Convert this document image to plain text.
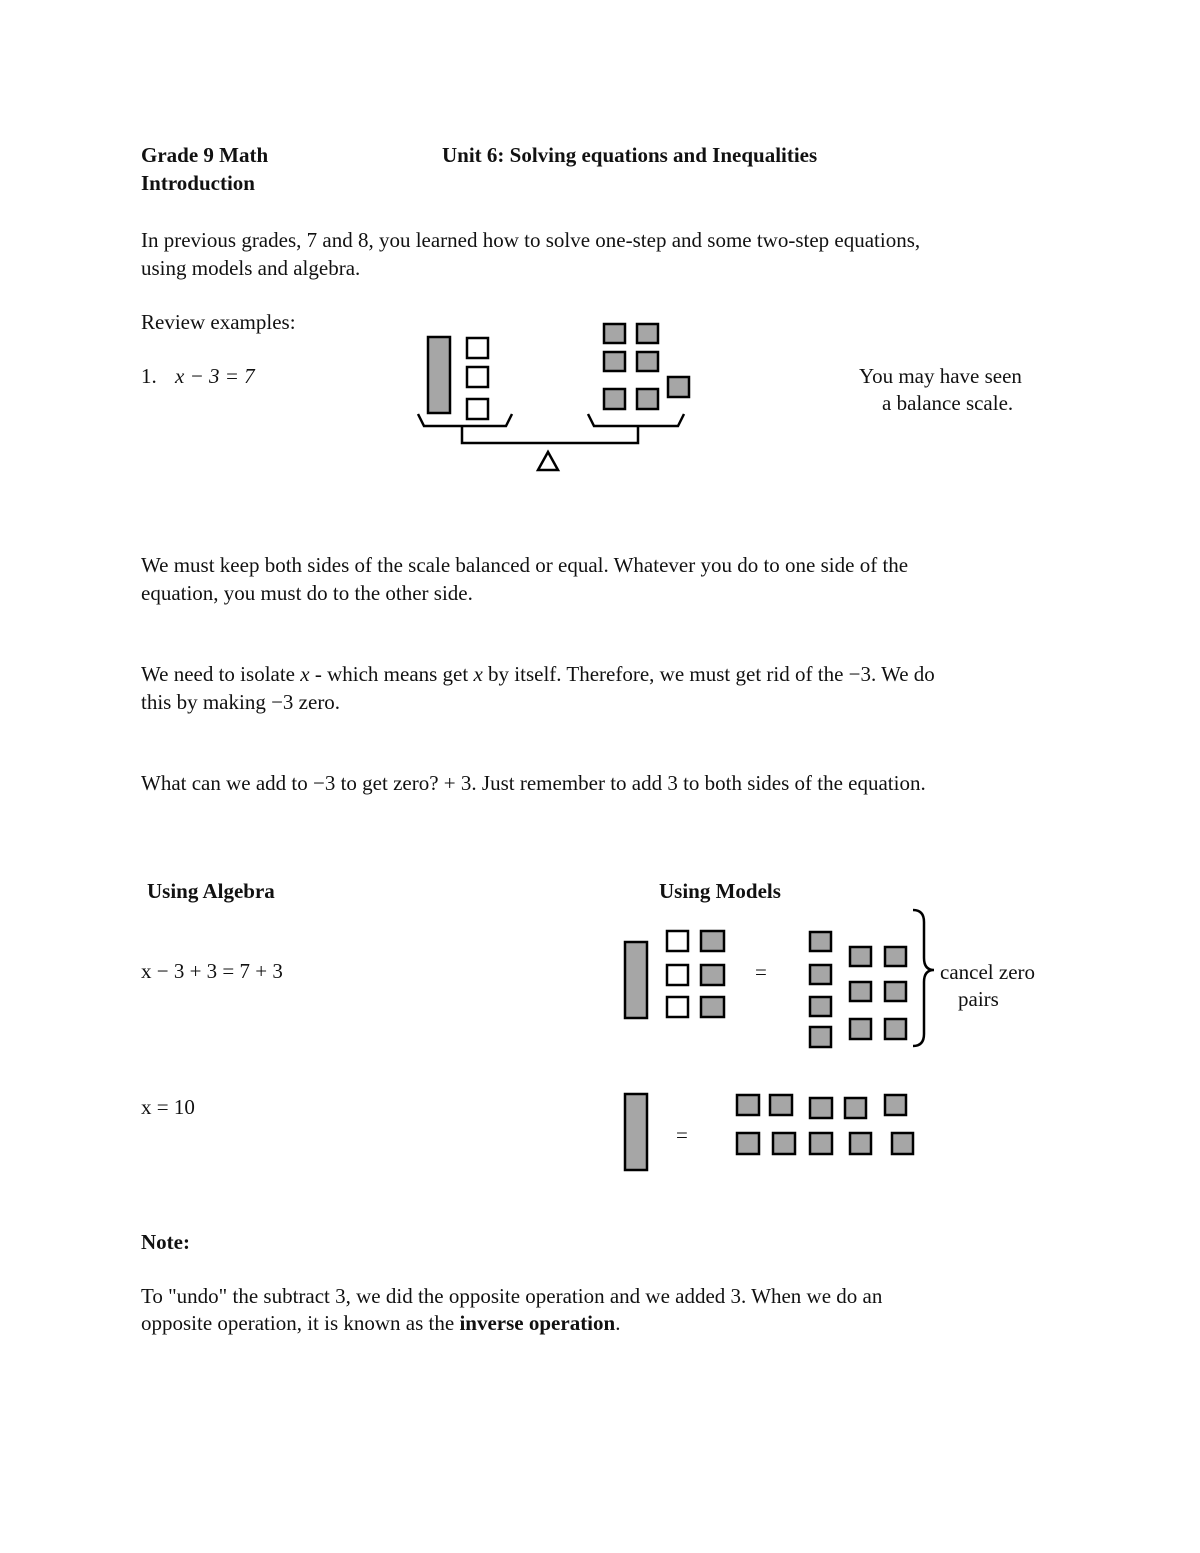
Grade 9 Math	Unit 6: Solving equations and Inequalities
Introduction
In previous grades, 7 and 8, you learned how to solve one-step and some two-step equations,
using models and algebra.
Review examples:
1. x − 3 = 7	You may have seen
a balance scale.
We must keep both sides of the scale balanced or equal. Whatever you do to one side of the
equation, you must do to the other side.
We need to isolate x - which means get x by itself. Therefore, we must get rid of the −3. We do
this by making −3 zero.
What can we add to −3 to get zero? + 3. Just remember to add 3 to both sides of the equation.
Using Algebra	Using Models
x − 3 + 3 = 7 + 3
x = 10
=
=
cancel zero
pairs
Note:
To "undo" the subtract 3, we did the opposite operation and we added 3. When we do an
opposite operation, it is known as the inverse operation.
